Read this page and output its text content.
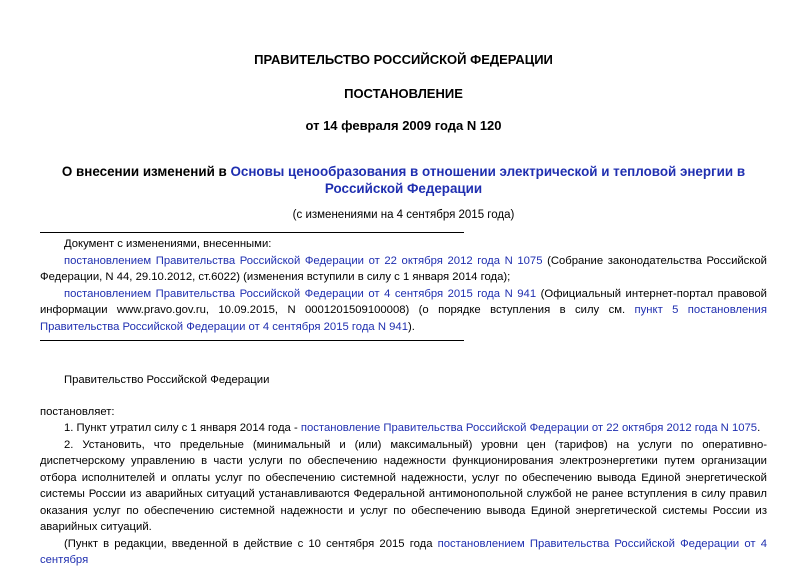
ПРАВИТЕЛЬСТВО РОССИЙСКОЙ ФЕДЕРАЦИИ
ПОСТАНОВЛЕНИЕ
от 14 февраля 2009 года N 120
О внесении изменений в Основы ценообразования в отношении электрической и тепловой энергии в Российской Федерации
(с изменениями на 4 сентября 2015 года)

Документ с изменениями, внесенными:

постановлением Правительства Российской Федерации от 22 октября 2012 года N 1075 (Собрание законодательства Российской Федерации, N 44, 29.10.2012, ст.6022) (изменения вступили в силу с 1 января 2014 года);

постановлением Правительства Российской Федерации от 4 сентября 2015 года N 941 (Официальный интернет-портал правовой информации www.pravo.gov.ru, 10.09.2015, N 0001201509100008) (о порядке вступления в силу см. пункт 5 постановления Правительства Российской Федерации от 4 сентября 2015 года N 941).

Правительство Российской Федерации
постановляет:

1. Пункт утратил силу с 1 января 2014 года - постановление Правительства Российской Федерации от 22 октября 2012 года N 1075.

2. Установить, что предельные (минимальный и (или) максимальный) уровни цен (тарифов) на услуги по оперативно-диспетчерскому управлению в части услуги по обеспечению надежности функционирования электроэнергетики путем организации отбора исполнителей и оплаты услуг по обеспечению системной надежности, услуг по обеспечению вывода Единой энергетической системы России из аварийных ситуаций устанавливаются Федеральной антимонопольной службой не ранее вступления в силу правил оказания услуг по обеспечению системной надежности и услуг по обеспечению вывода Единой энергетической системы России из аварийных ситуаций.

(Пункт в редакции, введенной в действие с 10 сентября 2015 года постановлением Правительства Российской Федерации от 4 сентября
